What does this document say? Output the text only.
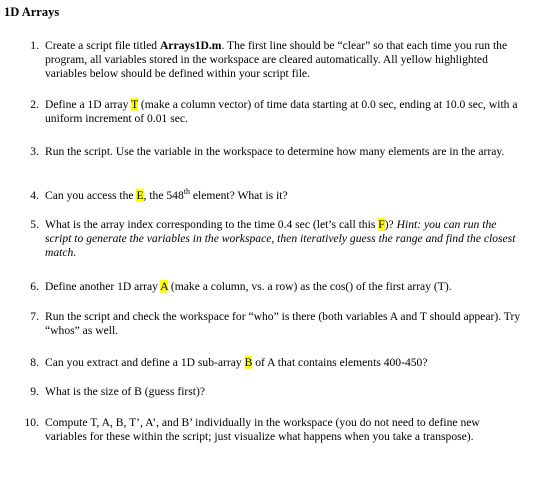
1D Arrays
1. Create a script file titled Arrays1D.m. The first line should be “clear” so that each time you run the program, all variables stored in the workspace are cleared automatically. All yellow highlighted variables below should be defined within your script file.
2. Define a 1D array T (make a column vector) of time data starting at 0.0 sec, ending at 10.0 sec, with a uniform increment of 0.01 sec.
3. Run the script. Use the variable in the workspace to determine how many elements are in the array.
4. Can you access the E, the 548th element? What is it?
5. What is the array index corresponding to the time 0.4 sec (let’s call this F)? Hint: you can run the script to generate the variables in the workspace, then iteratively guess the range and find the closest match.
6. Define another 1D array A (make a column, vs. a row) as the cos() of the first array (T).
7. Run the script and check the workspace for “who” is there (both variables A and T should appear). Try “whos” as well.
8. Can you extract and define a 1D sub-array B of A that contains elements 400-450?
9. What is the size of B (guess first)?
10. Compute T, A, B, T’, A’, and B’ individually in the workspace (you do not need to define new variables for these within the script; just visualize what happens when you take a transpose).
